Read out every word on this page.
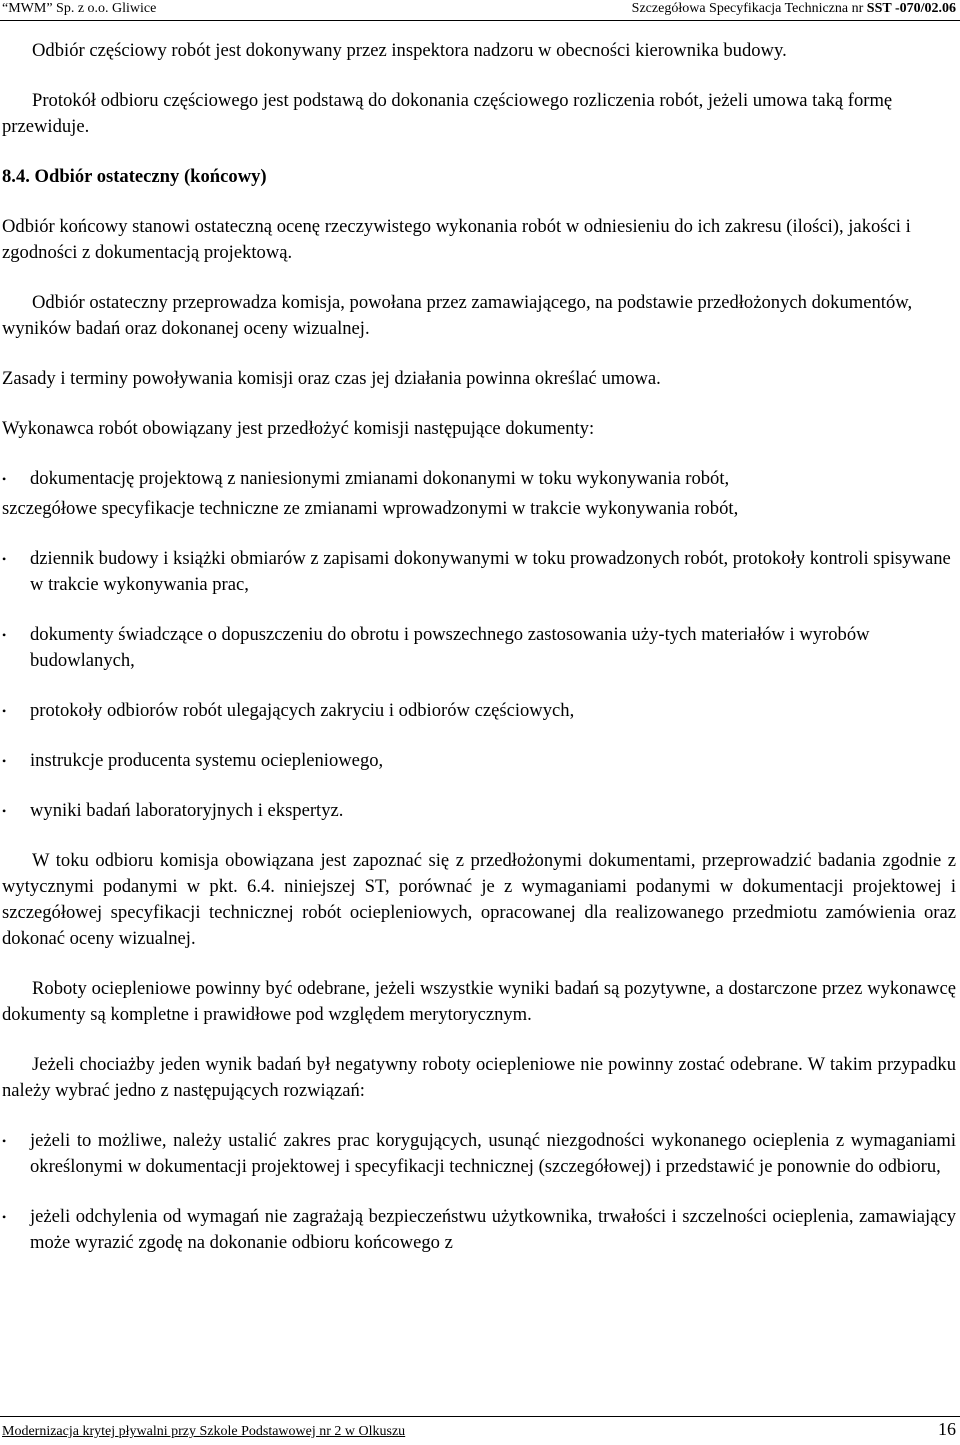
“MWM” Sp. z o.o. Gliwice	Szczegółowa Specyfikacja Techniczna nr SST -070/02.06

Odbiór częściowy robót jest dokonywany przez inspektora nadzoru w obecności kierownika budowy.

Protokół odbioru częściowego jest podstawą do dokonania częściowego rozliczenia robót, jeżeli umowa taką formę przewiduje.

8.4. Odbiór ostateczny (końcowy)

Odbiór końcowy stanowi ostateczną ocenę rzeczywistego wykonania robót w odniesieniu do ich zakresu (ilości), jakości i zgodności z dokumentacją projektową.

Odbiór ostateczny przeprowadza komisja, powołana przez zamawiającego, na podstawie przedłożonych dokumentów, wyników badań oraz dokonanej oceny wizualnej.

Zasady i terminy powoływania komisji oraz czas jej działania powinna określać umowa.

Wykonawca robót obowiązany jest przedłożyć komisji następujące dokumenty:

• dokumentację projektową z naniesionymi zmianami dokonanymi w toku wykonywania robót,

szczegółowe specyfikacje techniczne ze zmianami wprowadzonymi w trakcie wykonywania robót,

• dziennik budowy i książki obmiarów z zapisami dokonywanymi w toku prowadzonych robót, protokoły kontroli spisywane w trakcie wykonywania prac,
• dokumenty świadczące o dopuszczeniu do obrotu i powszechnego zastosowania uży-tych materiałów i wyrobów budowlanych,
• protokoły odbiorów robót ulegających zakryciu i odbiorów częściowych,
• instrukcje producenta systemu ociepleniowego,
• wyniki badań laboratoryjnych i ekspertyz.

W toku odbioru komisja obowiązana jest zapoznać się z przedłożonymi dokumentami, przeprowadzić badania zgodnie z wytycznymi podanymi w pkt. 6.4. niniejszej ST, porównać je z wymaganiami podanymi w dokumentacji projektowej i szczegółowej specyfikacji technicznej robót ociepleniowych, opracowanej dla realizowanego przedmiotu zamówienia oraz dokonać oceny wizualnej.

Roboty ociepleniowe powinny być odebrane, jeżeli wszystkie wyniki badań są pozytywne, a dostarczone przez wykonawcę dokumenty są kompletne i prawidłowe pod względem merytorycznym.

Jeżeli chociażby jeden wynik badań był negatywny roboty ociepleniowe nie powinny zostać odebrane. W takim przypadku należy wybrać jedno z następujących rozwiązań:

• jeżeli to możliwe, należy ustalić zakres prac korygujących, usunąć niezgodności wykonanego ocieplenia z wymaganiami określonymi w dokumentacji projektowej i specyfikacji technicznej (szczegółowej) i przedstawić je ponownie do odbioru,
• jeżeli odchylenia od wymagań nie zagrażają bezpieczeństwu użytkownika, trwałości i szczelności ocieplenia, zamawiający może wyrazić zgodę na dokonanie odbioru końcowego z
Modernizacja krytej pływalni przy Szkole Podstawowej nr 2 w Olkuszu	16
